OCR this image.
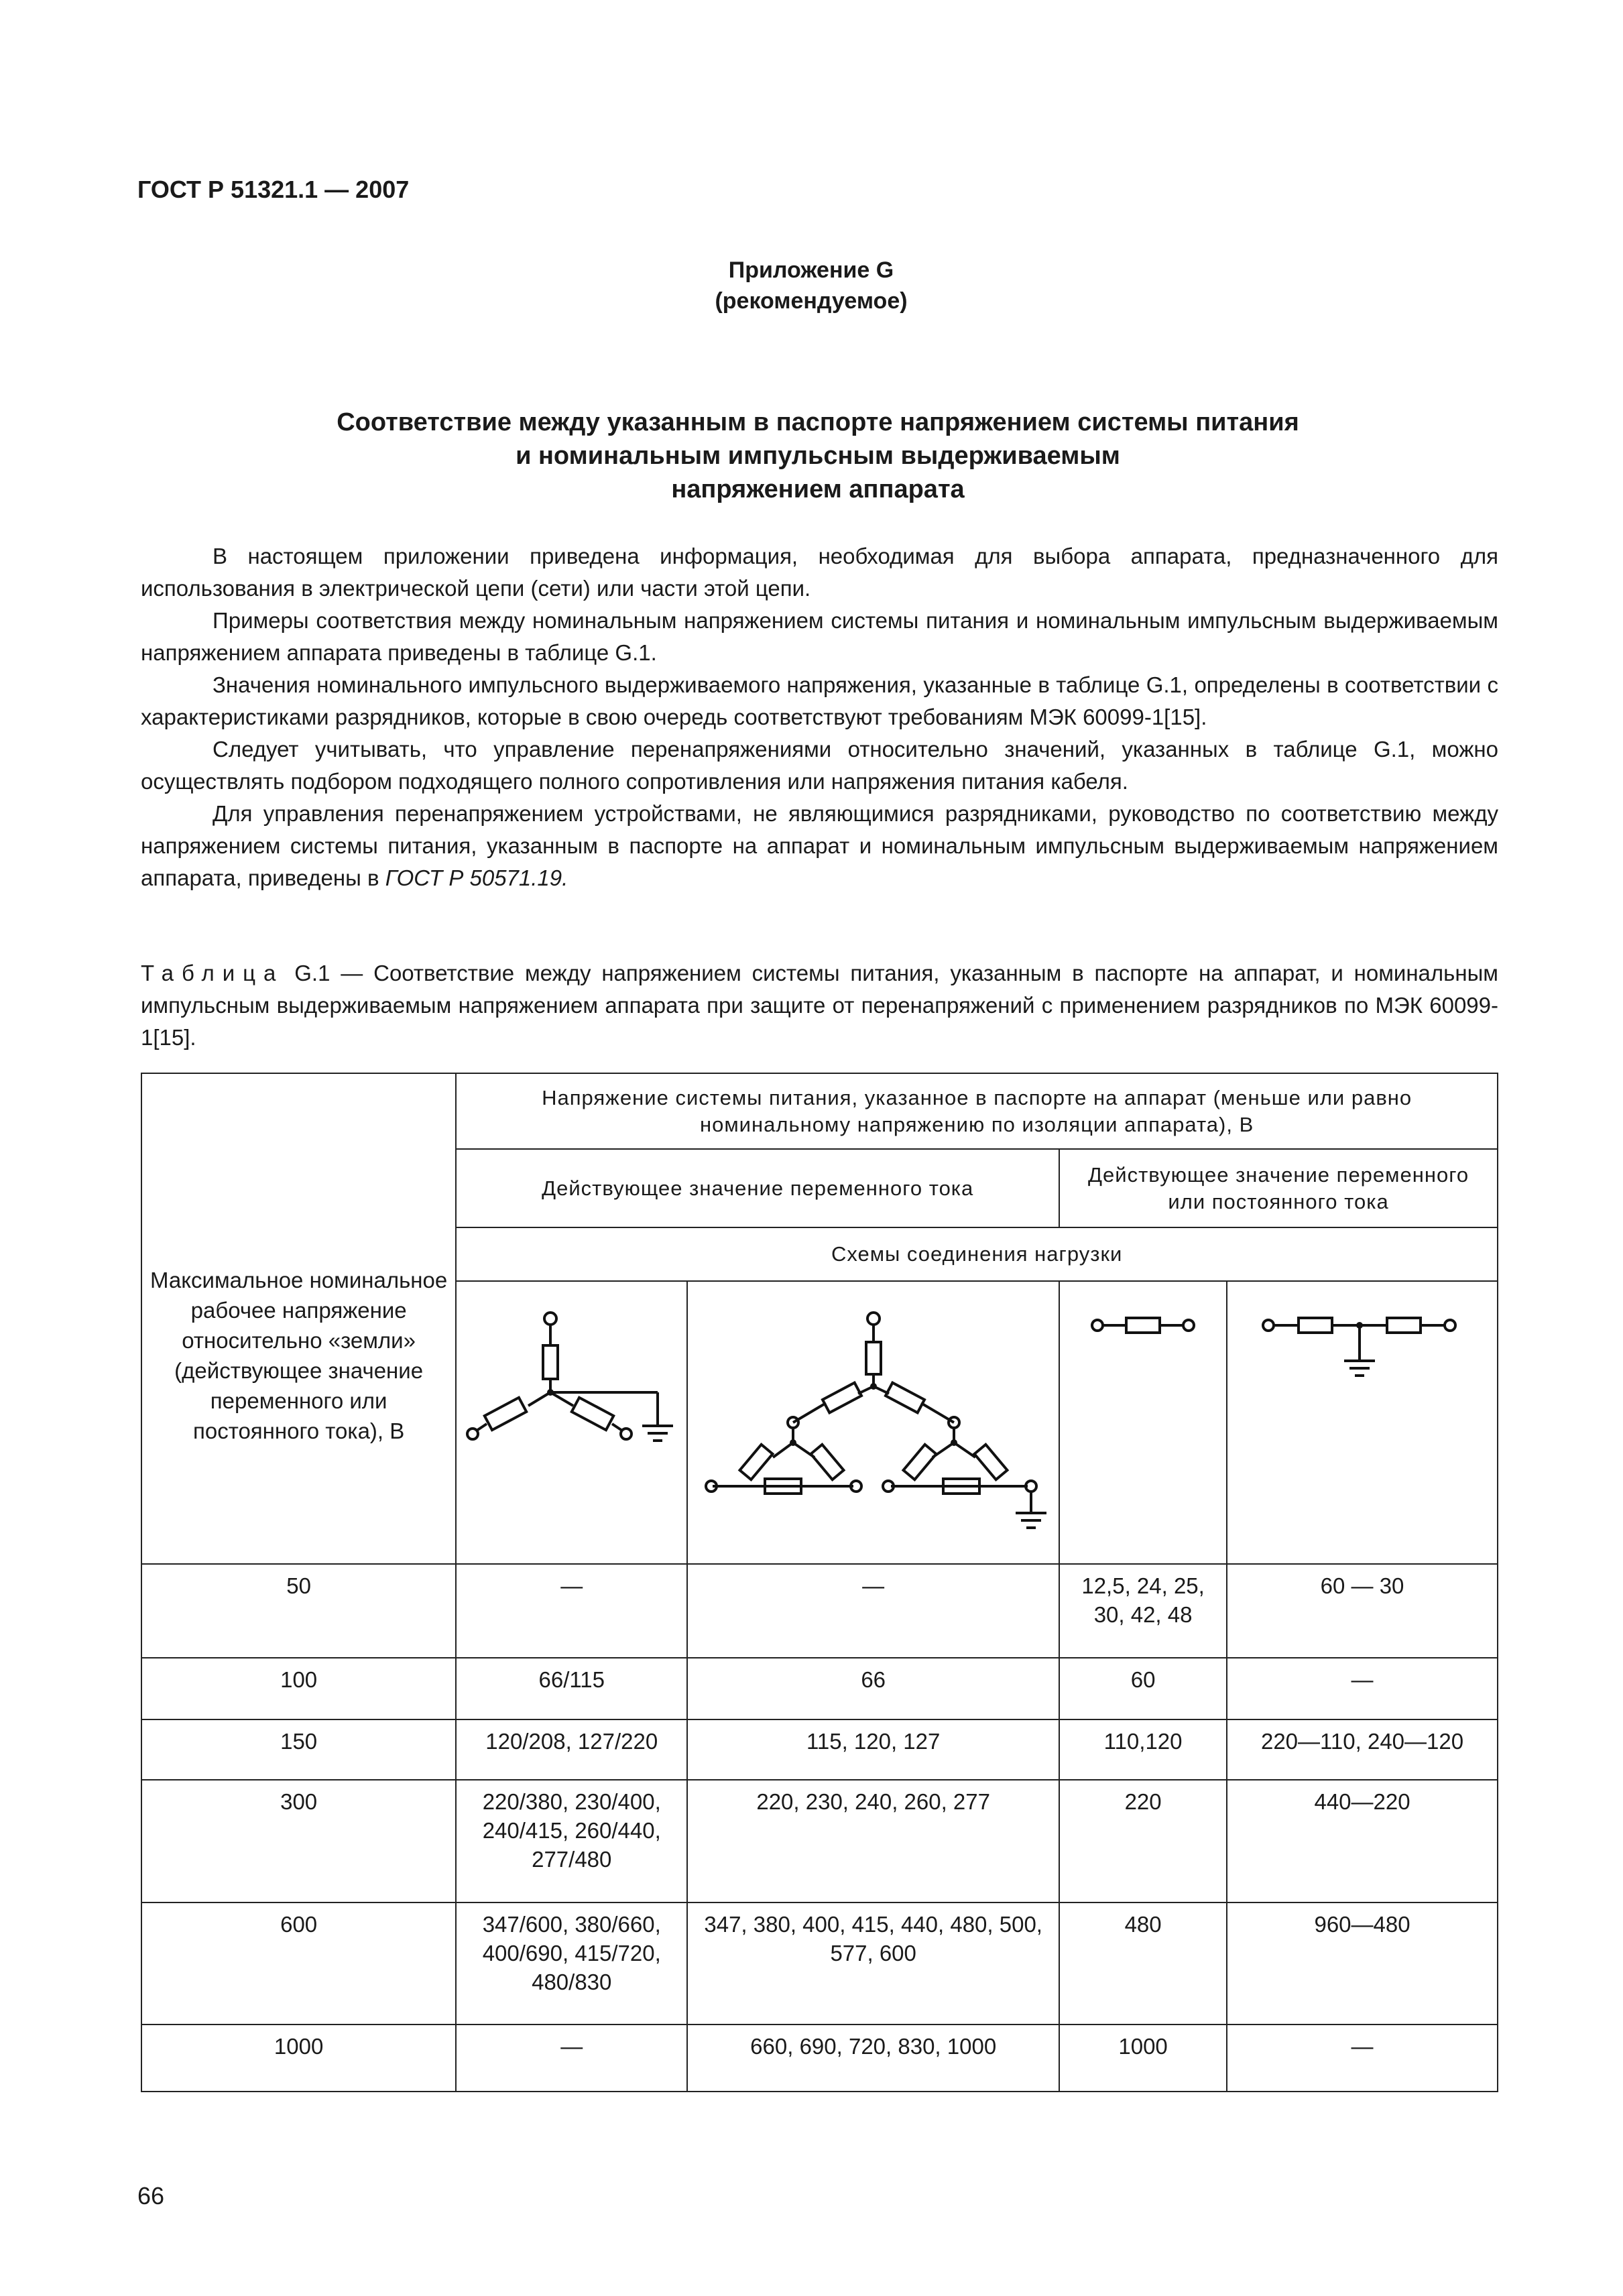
ГОСТ Р 51321.1 — 2007
Приложение G
(рекомендуемое)
Соответствие между указанным в паспорте напряжением системы питания
и номинальным импульсным выдерживаемым
напряжением аппарата

В настоящем приложении приведена информация, необходимая для выбора аппарата, предназначенного для использования в электрической цепи (сети) или части этой цепи.

Примеры соответствия между номинальным напряжением системы питания и номинальным импульсным выдерживаемым напряжением аппарата приведены в таблице G.1.

Значения номинального импульсного выдерживаемого напряжения, указанные в таблице G.1, определены в соответствии с характеристиками разрядников, которые в свою очередь соответствуют требованиям МЭК 60099-1[15].

Следует учитывать, что управление перенапряжениями относительно значений, указанных в таблице G.1, можно осуществлять подбором подходящего полного сопротивления или напряжения питания кабеля.

Для управления перенапряжением устройствами, не являющимися разрядниками, руководство по соответствию между напряжением системы питания, указанным в паспорте на аппарат и номинальным импульсным выдерживаемым напряжением аппарата, приведены в ГОСТ Р 50571.19.

Таблица G.1 — Соответствие между напряжением системы питания, указанным в паспорте на аппарат, и номинальным импульсным выдерживаемым напряжением аппарата при защите от перенапряжений с применением разрядников по МЭК 60099-1[15].
Максимальное номинальное рабочее напряжение относительно «земли» (действующее значение переменного или постоянного тока), В	Напряжение системы питания, указанное в паспорте на аппарат (меньше или равно номинальному напряжению по изоляции аппарата), В			

	Действующее значение переменного тока		Действующее значение переменного или постоянного тока	

	Схемы соединения нагрузки			

50	—	—	12,5, 24, 25, 30, 42, 48	60 — 30

100	66/115	66	60	—

150	120/208, 127/220	115, 120, 127	110,120	220—110, 240—120

300	220/380, 230/400, 240/415, 260/440, 277/480	220, 230, 240, 260, 277	220	440—220

600	347/600, 380/660, 400/690, 415/720, 480/830	347, 380, 400, 415, 440, 480, 500, 577, 600	480	960—480

1000	—	660, 690, 720, 830, 1000	1000	—
66
